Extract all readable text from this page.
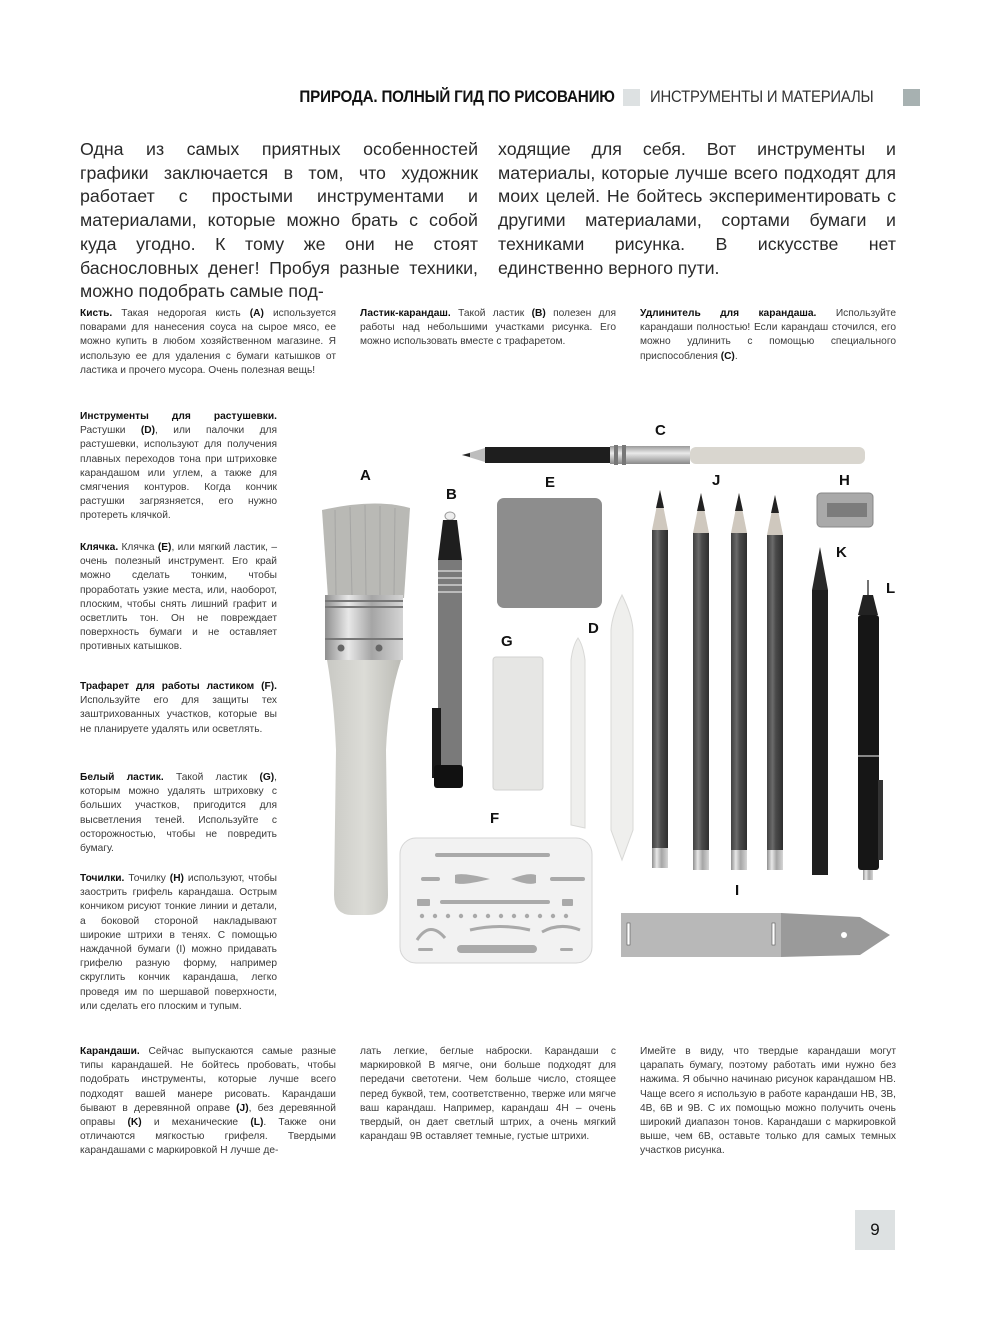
ПРИРОДА. ПОЛНЫЙ ГИД ПО РИСОВАНИЮ ИНСТРУМЕНТЫ И МАТЕРИАЛЫ
Одна из самых приятных особенностей графики заключается в том, что художник работает с простыми инструментами и материалами, которые можно брать с собой куда угодно. К тому же они не стоят баснословных денег! Пробуя разные техники, можно подобрать самые под-
ходящие для себя. Вот инструменты и материалы, которые лучше всего подходят для моих целей. Не бойтесь экспериментировать с другими материалами, сортами бумаги и техниками рисунка. В искусстве нет единственно верного пути.
Кисть. Такая недорогая кисть (A) используется поварами для нанесения соуса на сырое мясо, ее можно купить в любом хозяйственном магазине. Я использую ее для удаления с бумаги катышков от ластика и прочего мусора. Очень полезная вещь!
Ластик-карандаш. Такой ластик (B) полезен для работы над небольшими участками рисунка. Его можно использовать вместе с трафаретом.
Удлинитель для карандаша. Используйте карандаши полностью! Если карандаш сточился, его можно удлинить с помощью специального приспособления (C).
Инструменты для растушевки. Растушки (D), или палочки для растушевки, используют для получения плавных переходов тона при штриховке карандашом или углем, а также для смягчения контуров. Когда кончик растушки загрязняется, его нужно протереть клячкой.
Клячка. Клячка (E), или мягкий ластик, – очень полезный инструмент. Его край можно сделать тонким, чтобы проработать узкие места, или, наоборот, плоским, чтобы снять лишний графит и осветлить тон. Он не повреждает поверхность бумаги и не оставляет противных катышков.
Трафарет для работы ластиком (F). Используйте его для защиты тех заштрихованных участков, которые вы не планируете удалять или осветлять.
Белый ластик. Такой ластик (G), которым можно удалять штриховку с больших участков, пригодится для высветления теней. Используйте с осторожностью, чтобы не повредить бумагу.
Точилки. Точилку (H) используют, чтобы заострить грифель карандаша. Острым кончиком рисуют тонкие линии и детали, а боковой стороной накладывают широкие штрихи в тенях. С помощью наждачной бумаги (I) можно придавать грифелю разную форму, например скруглить кончик карандаша, легко проведя им по шершавой поверхности, или сделать его плоским и тупым.
A
B
C
D
E
F
G
H
I
J
K
L
Карандаши. Сейчас выпускаются самые разные типы карандашей. Не бойтесь пробовать, чтобы подобрать инструменты, которые лучше всего подходят вашей манере рисовать. Карандаши бывают в деревянной оправе (J), без деревянной оправы (K) и механические (L). Также они отличаются мягкостью грифеля. Твердыми карандашами с маркировкой H лучше де-
лать легкие, беглые наброски. Карандаши с маркировкой B мягче, они больше подходят для передачи светотени. Чем больше число, стоящее перед буквой, тем, соответственно, тверже или мягче ваш карандаш. Например, карандаш 4H – очень твердый, он дает светлый штрих, а очень мягкий карандаш 9B оставляет темные, густые штрихи.
Имейте в виду, что твердые карандаши могут царапать бумагу, поэтому работать ими нужно без нажима. Я обычно начинаю рисунок карандашом HB. Чаще всего я использую в работе карандаши HB, 3B, 4B, 6B и 9B. С их помощью можно получить очень широкий диапазон тонов. Карандаши с маркировкой выше, чем 6B, оставьте только для самых темных участков рисунка.
9
